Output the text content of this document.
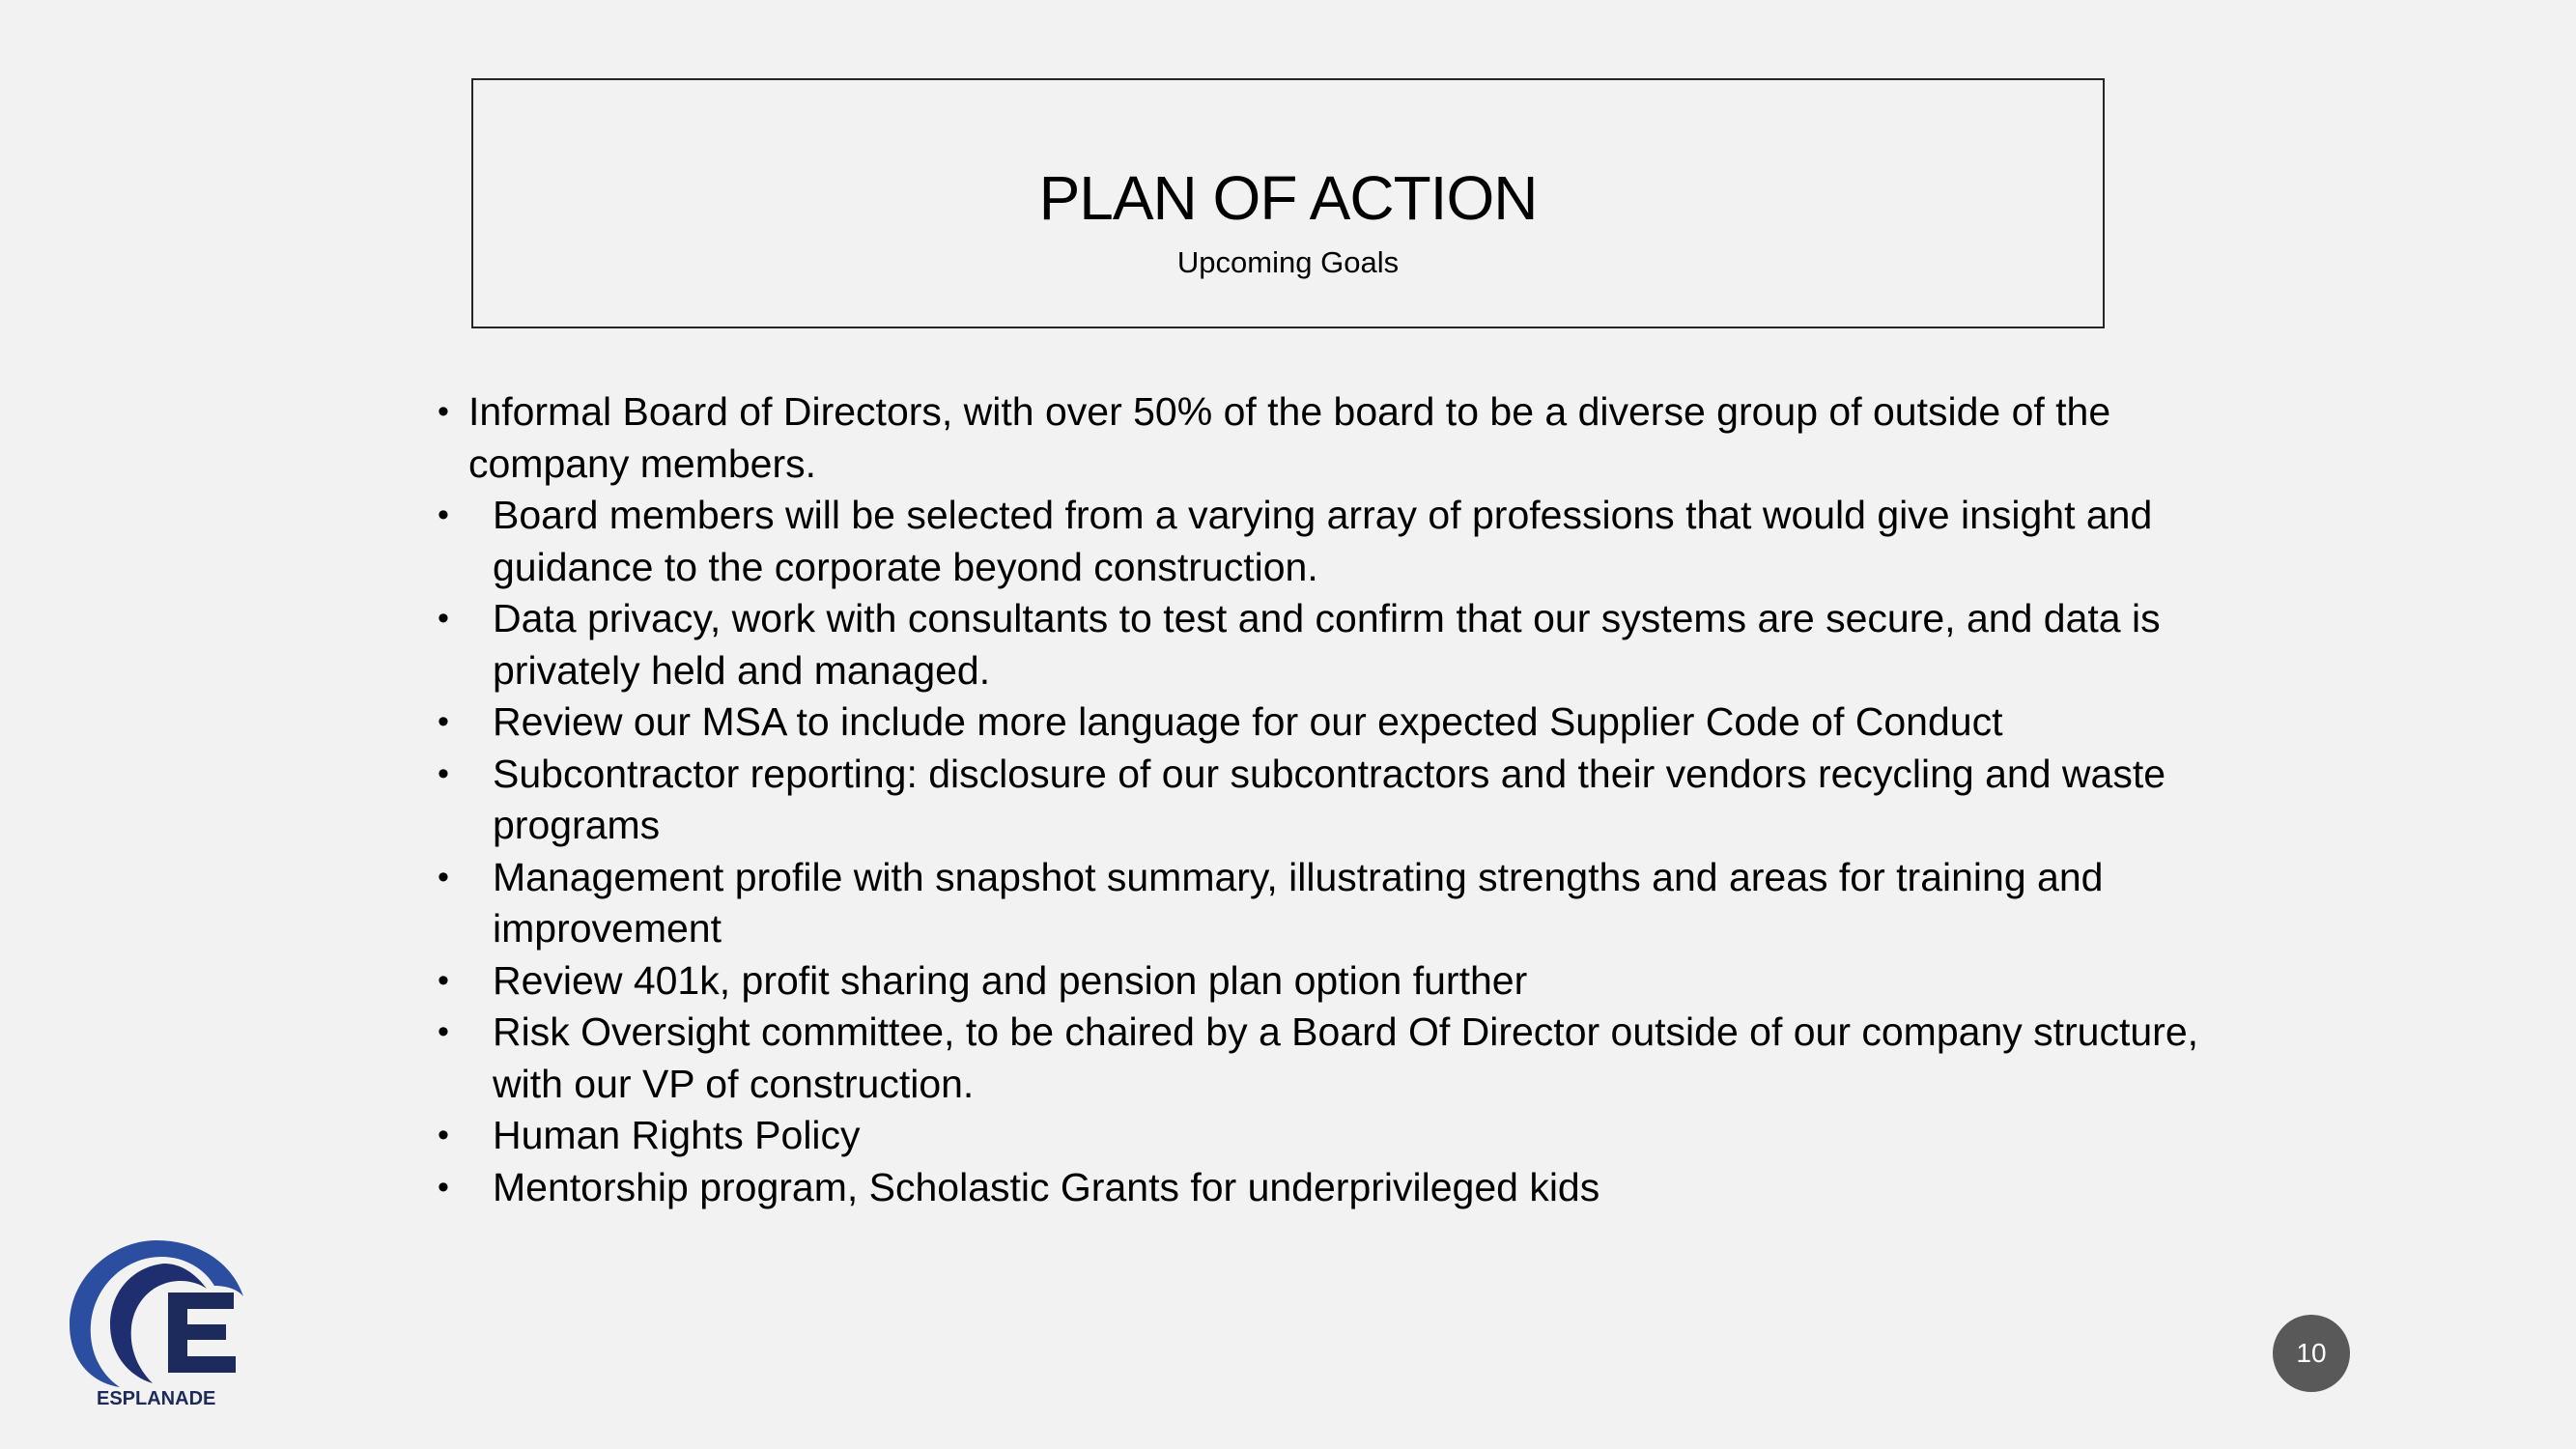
PLAN OF ACTION
Upcoming Goals
• Informal Board of Directors, with over 50% of the board to be a diverse group of outside of the company members.
• Board members will be selected from a varying array of professions that would give insight and guidance to the corporate beyond construction.
• Data privacy, work with consultants to test and confirm that our systems are secure, and data is privately held and managed.
• Review our MSA to include more language for our expected Supplier Code of Conduct
• Subcontractor reporting: disclosure of our subcontractors and their vendors recycling and waste programs
• Management profile with snapshot summary, illustrating strengths and areas for training and improvement
• Review 401k, profit sharing and pension plan option further
• Risk Oversight committee, to be chaired by a Board Of Director outside of our company structure, with our VP of construction.
• Human Rights Policy
• Mentorship program, Scholastic Grants for underprivileged kids
ESPLANADE
10
